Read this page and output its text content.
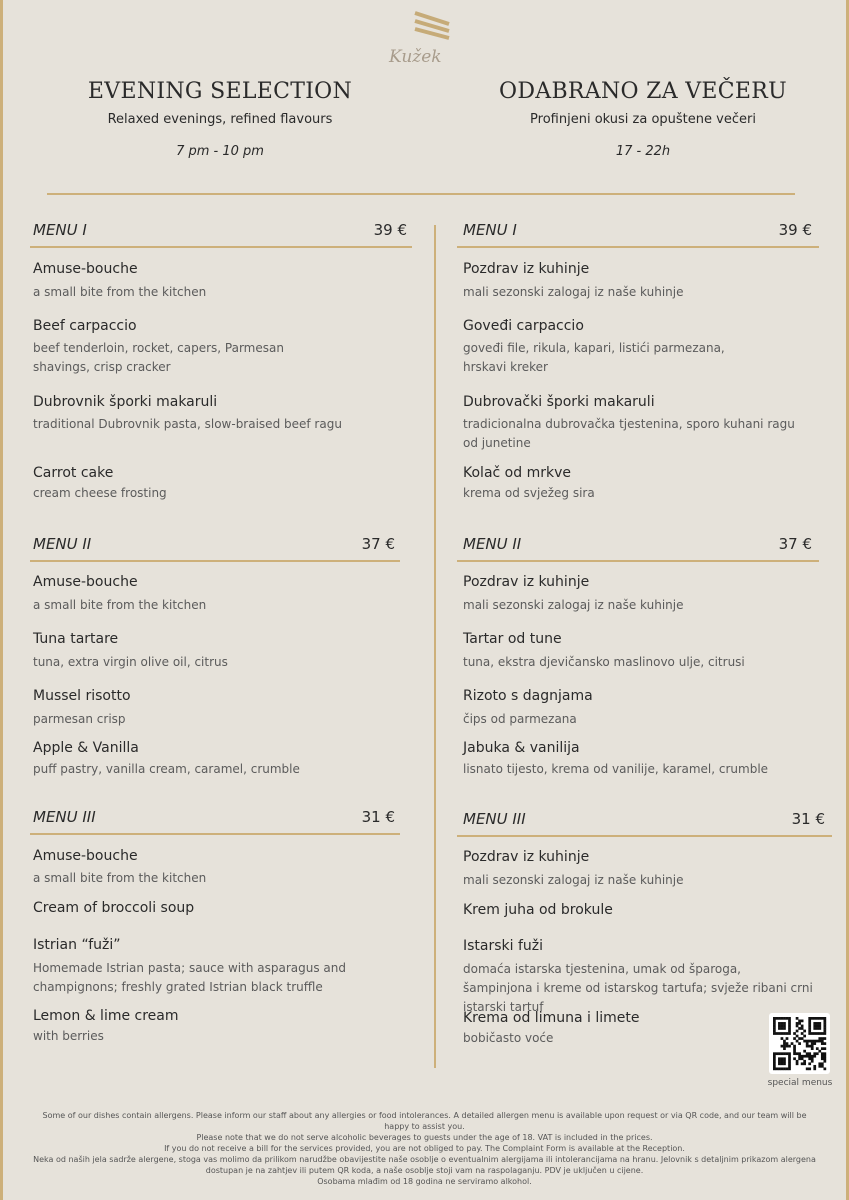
Kužek
EVENING SELECTION
Relaxed evenings, refined flavours
7 pm - 10 pm
ODABRANO ZA VEČERU
Profinjeni okusi za opuštene večeri
17 - 22h
MENU I	39 €
Amuse-bouche
a small bite from the kitchen
Beef carpaccio
beef tenderloin, rocket, capers, Parmesan shavings, crisp cracker
Dubrovnik šporki makaruli
traditional Dubrovnik pasta, slow-braised beef ragu
Carrot cake
cream cheese frosting
MENU II	37 €
Amuse-bouche
a small bite from the kitchen
Tuna tartare
tuna, extra virgin olive oil, citrus
Mussel risotto
parmesan crisp
Apple & Vanilla
puff pastry, vanilla cream, caramel, crumble
MENU III	31 €
Amuse-bouche
a small bite from the kitchen
Cream of broccoli soup
Istrian “fuži”
Homemade Istrian pasta; sauce with asparagus and champignons; freshly grated Istrian black truffle
Lemon & lime cream
with berries
MENU I	39 €
Pozdrav iz kuhinje
mali sezonski zalogaj iz naše kuhinje
Goveđi carpaccio
goveđi file, rikula, kapari, listići parmezana, hrskavi kreker
Dubrovački šporki makaruli
tradicionalna dubrovačka tjestenina, sporo kuhani ragu od junetine
Kolač od mrkve
krema od svježeg sira
MENU II	37 €
Pozdrav iz kuhinje
mali sezonski zalogaj iz naše kuhinje
Tartar od tune
tuna, ekstra djevičansko maslinovo ulje, citrusi
Rizoto s dagnjama
čips od parmezana
Jabuka & vanilija
lisnato tijesto, krema od vanilije, karamel, crumble
MENU III	31 €
Pozdrav iz kuhinje
mali sezonski zalogaj iz naše kuhinje
Krem juha od brokule
Istarski fuži
domaća istarska tjestenina, umak od šparoga, šampinjona i kreme od istarskog tartufa; svježe ribani crni istarski tartuf
Krema od limuna i limete
bobičasto voće
special menus
Some of our dishes contain allergens. Please inform our staff about any allergies or food intolerances. A detailed allergen menu is available upon request or via QR code, and our team will be happy to assist you.
Please note that we do not serve alcoholic beverages to guests under the age of 18. VAT is included in the prices.
If you do not receive a bill for the services provided, you are not obliged to pay. The Complaint Form is available at the Reception.
Neka od naših jela sadrže alergene, stoga vas molimo da prilikom narudžbe obavijestite naše osoblje o eventualnim alergijama ili intolerancijama na hranu. Jelovnik s detaljnim prikazom alergena dostupan je na zahtjev ili putem QR koda, a naše osoblje stoji vam na raspolaganju. PDV je uključen u cijene.
Osobama mlađim od 18 godina ne serviramo alkohol.
